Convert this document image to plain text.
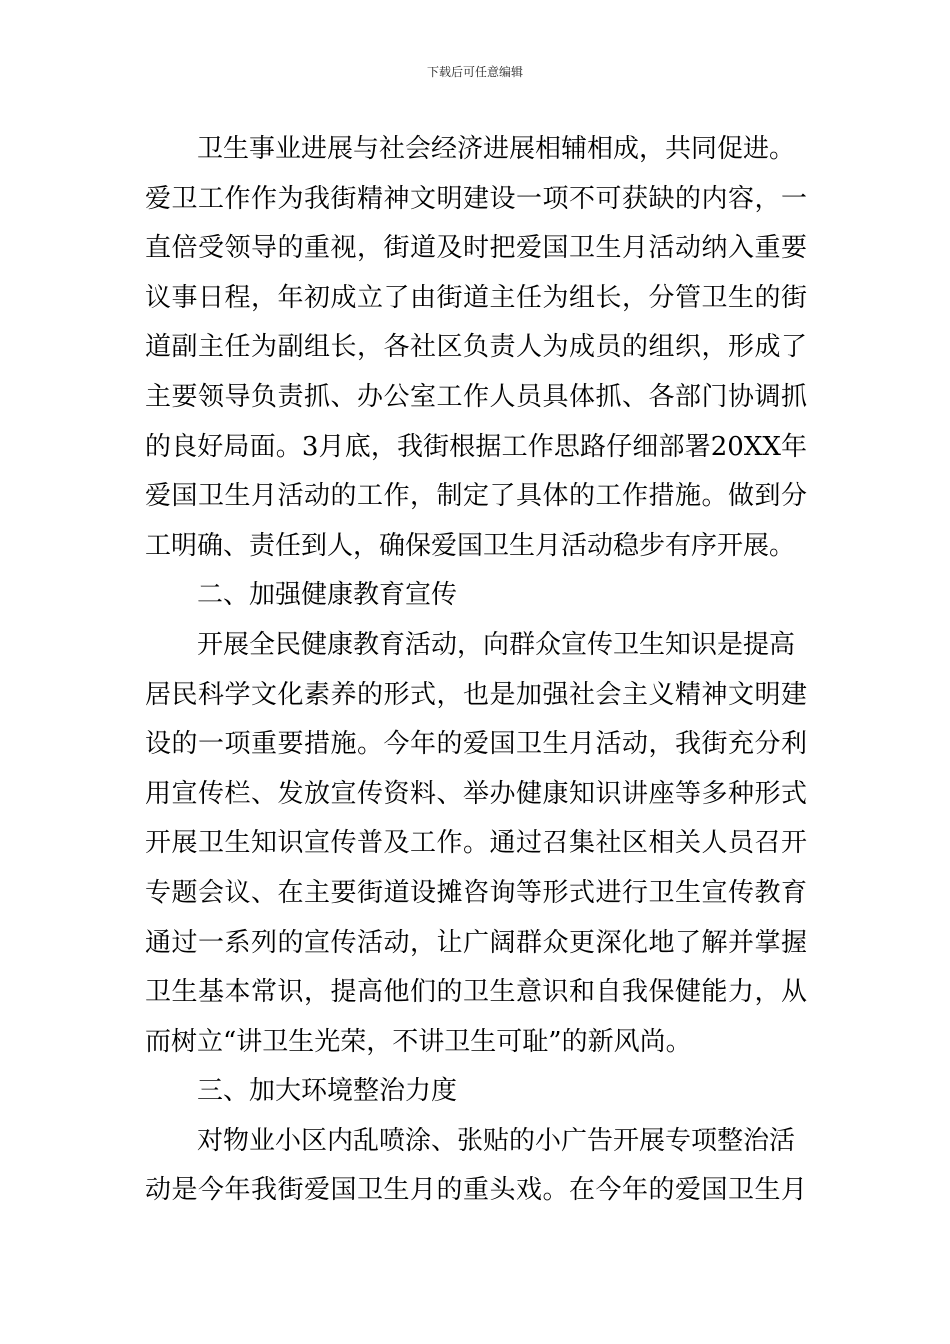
下载后可任意编辑
卫生事业进展与社会经济进展相辅相成，共同促进。
爱卫工作作为我街精神文明建设一项不可获缺的内容，一
直倍受领导的重视，街道及时把爱国卫生月活动纳入重要
议事日程，年初成立了由街道主任为组长，分管卫生的街
道副主任为副组长，各社区负责人为成员的组织，形成了
主要领导负责抓、办公室工作人员具体抓、各部门协调抓
的良好局面。3月底，我街根据工作思路仔细部署20XX年
爱国卫生月活动的工作，制定了具体的工作措施。做到分
工明确、责任到人，确保爱国卫生月活动稳步有序开展。
二、加强健康教育宣传
开展全民健康教育活动，向群众宣传卫生知识是提高
居民科学文化素养的形式，也是加强社会主义精神文明建
设的一项重要措施。今年的爱国卫生月活动，我街充分利
用宣传栏、发放宣传资料、举办健康知识讲座等多种形式
开展卫生知识宣传普及工作。通过召集社区相关人员召开
专题会议、在主要街道设摊咨询等形式进行卫生宣传教育
通过一系列的宣传活动，让广阔群众更深化地了解并掌握
卫生基本常识，提高他们的卫生意识和自我保健能力，从
而树立“讲卫生光荣，不讲卫生可耻”的新风尚。
三、加大环境整治力度
对物业小区内乱喷涂、张贴的小广告开展专项整治活
动是今年我街爱国卫生月的重头戏。在今年的爱国卫生月
